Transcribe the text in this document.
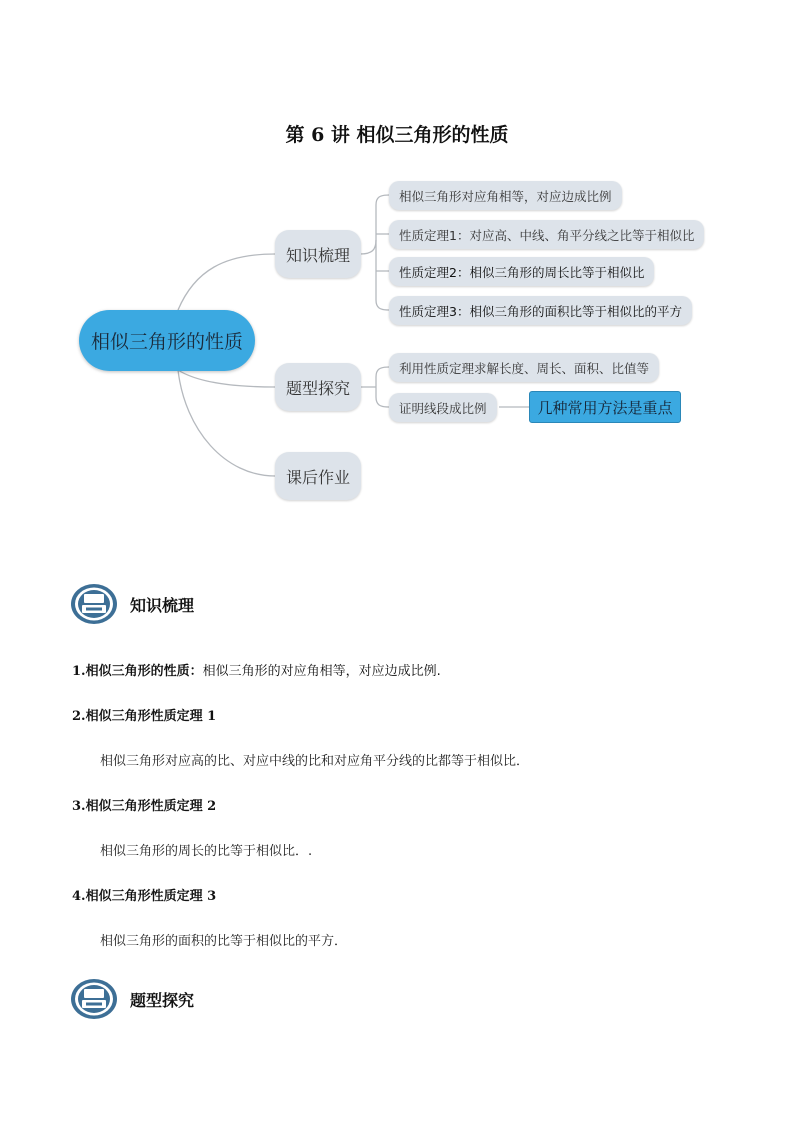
第 6 讲 相似三角形的性质
相似三角形的性质
知识梳理
题型探究
课后作业
相似三角形对应角相等，对应边成比例
性质定理1：对应高、中线、角平分线之比等于相似比
性质定理2：相似三角形的周长比等于相似比
性质定理3：相似三角形的面积比等于相似比的平方
利用性质定理求解长度、周长、面积、比值等
证明线段成比例	几种常用方法是重点
知识梳理
1.相似三角形的性质：相似三角形的对应角相等，对应边成比例.
2.相似三角形性质定理 1
相似三角形对应高的比、对应中线的比和对应角平分线的比都等于相似比．
3.相似三角形性质定理 2
相似三角形的周长的比等于相似比．.
4.相似三角形性质定理 3
相似三角形的面积的比等于相似比的平方．
题型探究
